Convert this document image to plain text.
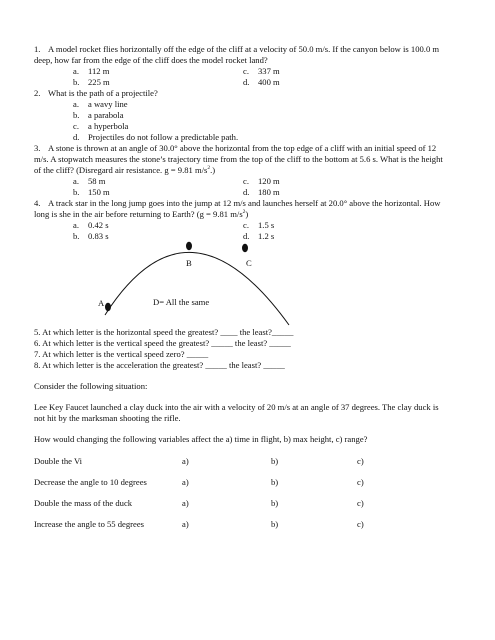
1. A model rocket flies horizontally off the edge of the cliff at a velocity of 50.0 m/s. If the canyon below is 100.0 m
deep, how far from the edge of the cliff does the model rocket land?
a. 112 m
b. 225 m
c. 337 m
d. 400 m
2. What is the path of a projectile?
a. a wavy line
b. a parabola
c. a hyperbola
d. Projectiles do not follow a predictable path.
3. A stone is thrown at an angle of 30.0° above the horizontal from the top edge of a cliff with an initial speed of 12
m/s. A stopwatch measures the stone’s trajectory time from the top of the cliff to the bottom at 5.6 s. What is the height
of the cliff? (Disregard air resistance. g = 9.81 $m/s^2$.)
a. 58 m
b. 150 m
c. 120 m
d. 180 m
4. A track star in the long jump goes into the jump at 12 m/s and launches herself at 20.0° above the horizontal. How
long is she in the air before returning to Earth? (g = 9.81 $m/s^2$)
a. 0.42 s
b. 0.83 s
c. 1.5 s
d. 1.2 s
A
B	C
D= All the same
5. At which letter is the horizontal speed the greatest? ____ the least?_____
6. At which letter is the vertical speed the greatest? _____ the least? _____
7. At which letter is the vertical speed zero? _____
8. At which letter is the acceleration the greatest? _____ the least? _____
Consider the following situation:
Lee Key Faucet launched a clay duck into the air with a velocity of 20 m/s at an angle of 37 degrees. The clay duck is
not hit by the marksman shooting the rifle.
How would changing the following variables affect the a) time in flight, b) max height, c) range?
Double the Vi	a)	b)	c)
Decrease the angle to 10 degrees	a)	b)	c)
Double the mass of the duck	a)	b)	c)
Increase the angle to 55 degrees	a)	b)	c)
